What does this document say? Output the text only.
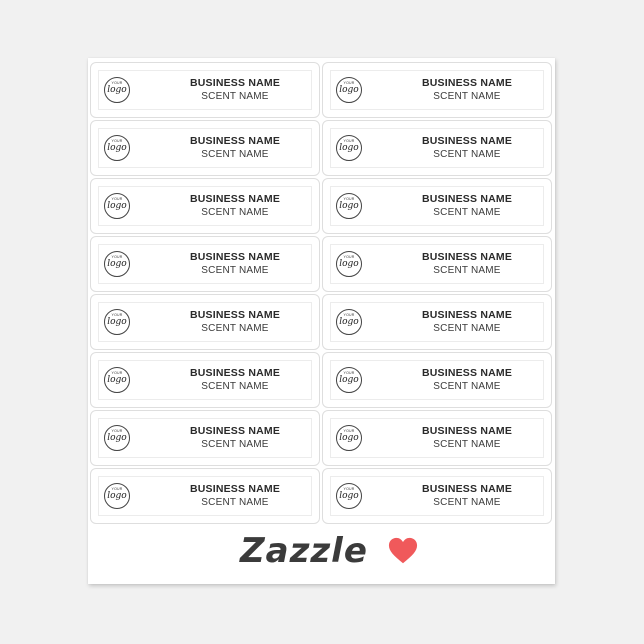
YOUR
logo
BUSINESS NAME
SCENT NAME
YOUR
logo
BUSINESS NAME
SCENT NAME
YOUR
logo
BUSINESS NAME
SCENT NAME
YOUR
logo
BUSINESS NAME
SCENT NAME
YOUR
logo
BUSINESS NAME
SCENT NAME
YOUR
logo
BUSINESS NAME
SCENT NAME
YOUR
logo
BUSINESS NAME
SCENT NAME
YOUR
logo
BUSINESS NAME
SCENT NAME
YOUR
logo
BUSINESS NAME
SCENT NAME
YOUR
logo
BUSINESS NAME
SCENT NAME
YOUR
logo
BUSINESS NAME
SCENT NAME
YOUR
logo
BUSINESS NAME
SCENT NAME
YOUR
logo
BUSINESS NAME
SCENT NAME
YOUR
logo
BUSINESS NAME
SCENT NAME
YOUR
logo
BUSINESS NAME
SCENT NAME
YOUR
logo
BUSINESS NAME
SCENT NAME
Zazzle
